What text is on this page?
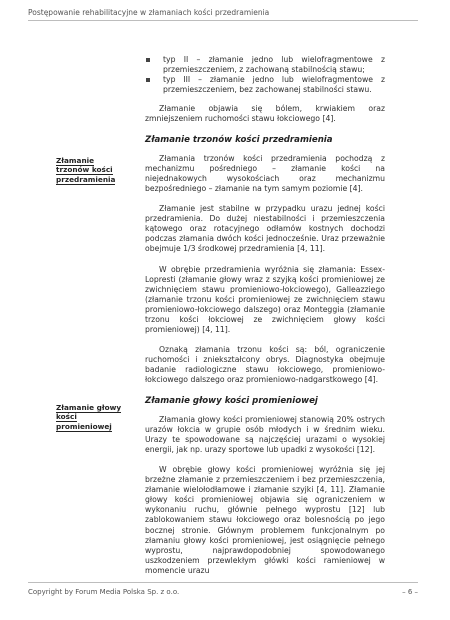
Postępowanie rehabilitacyjne w złamaniach kości przedramienia
Złamanie trzonów kości przedramienia
Złamanie głowy kości promieniowej
typ II – złamanie jedno lub wielofragmentowe z przemieszczeniem, z zachowaną stabilnością stawu;
typ III – złamanie jedno lub wielofragmentowe z przemieszczeniem, bez zachowanej stabilności stawu.

Złamanie objawia się bólem, krwiakiem oraz zmniejszeniem ruchomości stawu łokciowego [4].

Złamanie trzonów kości przedramienia

Złamania trzonów kości przedramienia pochodzą z mechanizmu pośredniego – złamanie kości na niejednakowych wysokościach oraz mechanizmu bezpośredniego – złamanie na tym samym poziomie [4].

Złamanie jest stabilne w przypadku urazu jednej kości przedramienia. Do dużej niestabilności i przemieszczenia kątowego oraz rotacyjnego odłamów kostnych dochodzi podczas złamania dwóch kości jednocześnie. Uraz przeważnie obejmuje 1/3 środkowej przedramienia [4, 11].

W obrębie przedramienia wyróżnia się złamania: Essex-Lopresti (złamanie głowy wraz z szyjką kości promieniowej ze zwichnięciem stawu promieniowo-łokciowego), Galleazziego (złamanie trzonu kości promieniowej ze zwichnięciem stawu promieniowo-łokciowego dalszego) oraz Monteggia (złamanie trzonu kości łokciowej ze zwichnięciem głowy kości promieniowej) [4, 11].

Oznaką złamania trzonu kości są: ból, ograniczenie ruchomości i zniekształcony obrys. Diagnostyka obejmuje badanie radiologiczne stawu łokciowego, promieniowo-łokciowego dalszego oraz promieniowo-nadgarstkowego [4].

Złamanie głowy kości promieniowej

Złamania głowy kości promieniowej stanowią 20% ostrych urazów łokcia w grupie osób młodych i w średnim wieku. Urazy te spowodowane są najczęściej urazami o wysokiej energii, jak np. urazy sportowe lub upadki z wysokości [12].

W obrębie głowy kości promieniowej wyróżnia się jej brzeżne złamanie z przemieszczeniem i bez przemieszczenia, złamanie wielołodłamowe i złamanie szyjki [4, 11]. Złamanie głowy kości promieniowej objawia się ograniczeniem w wykonaniu ruchu, głównie pełnego wyprostu [12] lub zablokowaniem stawu łokciowego oraz bolesnością po jego bocznej stronie. Głównym problemem funkcjonalnym po złamaniu głowy kości promieniowej, jest osiągnięcie pełnego wyprostu, najprawdopodobniej spowodowanego uszkodzeniem przewlekłym główki kości ramieniowej w momencie urazu

Copyright by Forum Media Polska Sp. z o.o.	– 6 –
